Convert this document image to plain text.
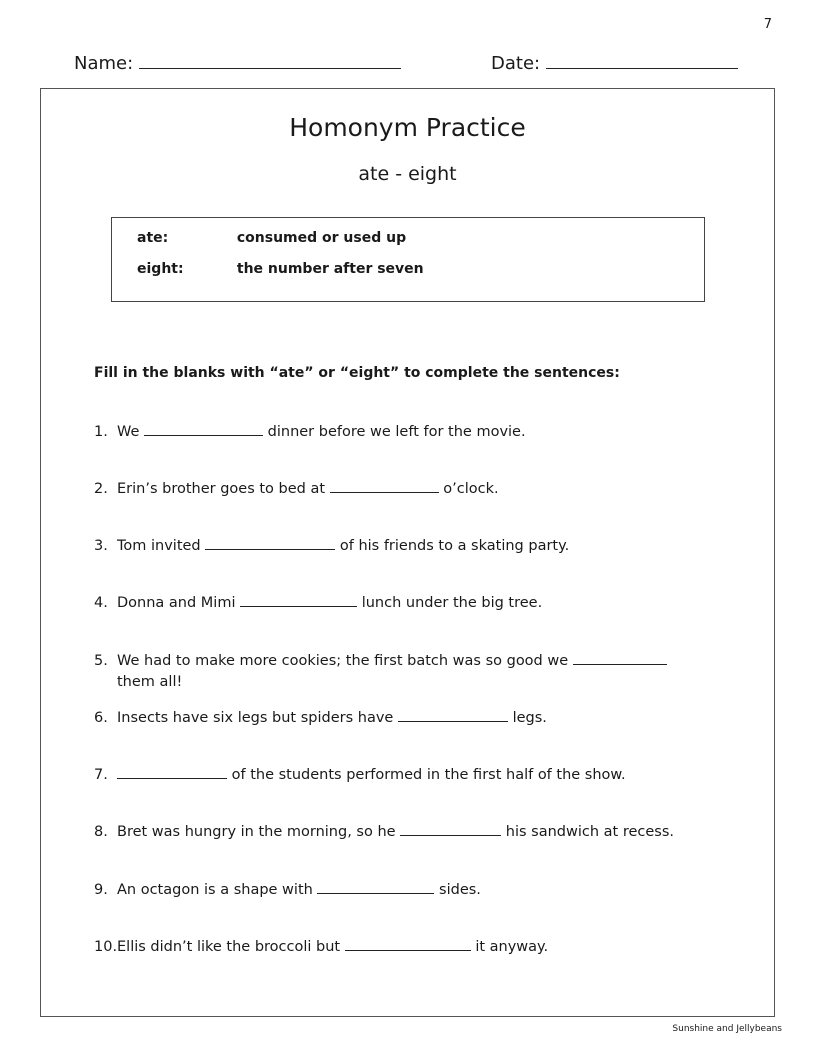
7
Name:	Date:
Homonym Practice
ate - eight
ate:	consumed or used up
eight:	the number after seven
Fill in the blanks with “ate” or “eight” to complete the sentences:
1. We	dinner before we left for the movie.
2. Erin’s brother goes to bed at	o’clock.
3. Tom invited	of his friends to a skating party.
4. Donna and Mimi	lunch under the big tree.
5. We had to make more cookies; the first batch was so good we
them all!
6. Insects have six legs but spiders have	legs.
7.	of the students performed in the first half of the show.
8. Bret was hungry in the morning, so he	his sandwich at recess.
9. An octagon is a shape with	sides.
10.Ellis didn’t like the broccoli but	it anyway.
Sunshine and Jellybeans
